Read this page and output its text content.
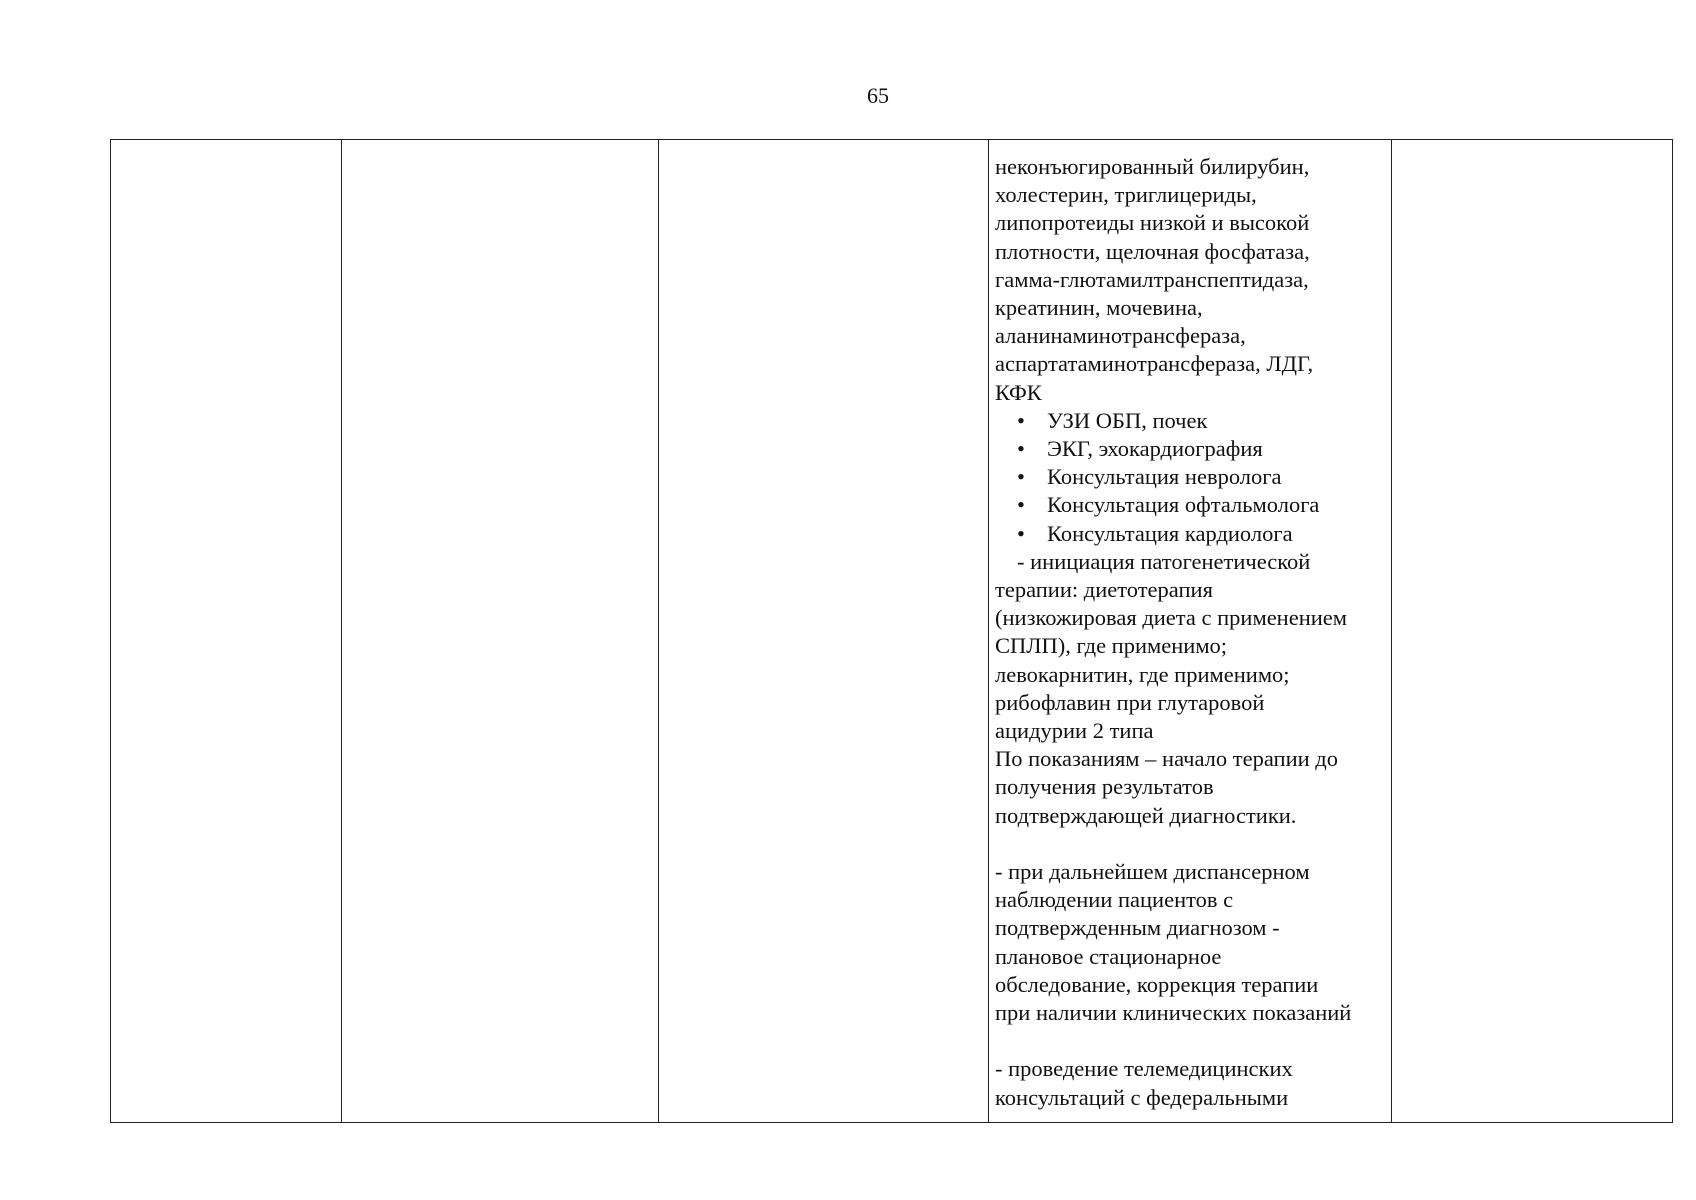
65

неконъюгированный билирубин,
холестерин, триглицериды,
липопротеиды низкой и высокой
плотности, щелочная фосфатаза,
гамма-глютамилтранспептидаза,
креатинин, мочевина,
аланинаминотрансфераза,
аспартатаминотрансфераза, ЛДГ,
КФК
• УЗИ ОБП, почек
• ЭКГ, эхокардиография
• Консультация невролога
• Консультация офтальмолога
• Консультация кардиолога
- инициация патогенетической
терапии: диетотерапия
(низкожировая диета с применением
СПЛП), где применимо;
левокарнитин, где применимо;
рибофлавин при глутаровой
ацидурии 2 типа
По показаниям – начало терапии до
получения результатов
подтверждающей диагностики.
- при дальнейшем диспансерном
наблюдении пациентов с
подтвержденным диагнозом -
плановое стационарное
обследование, коррекция терапии
при наличии клинических показаний
- проведение телемедицинских
консультаций с федеральными
